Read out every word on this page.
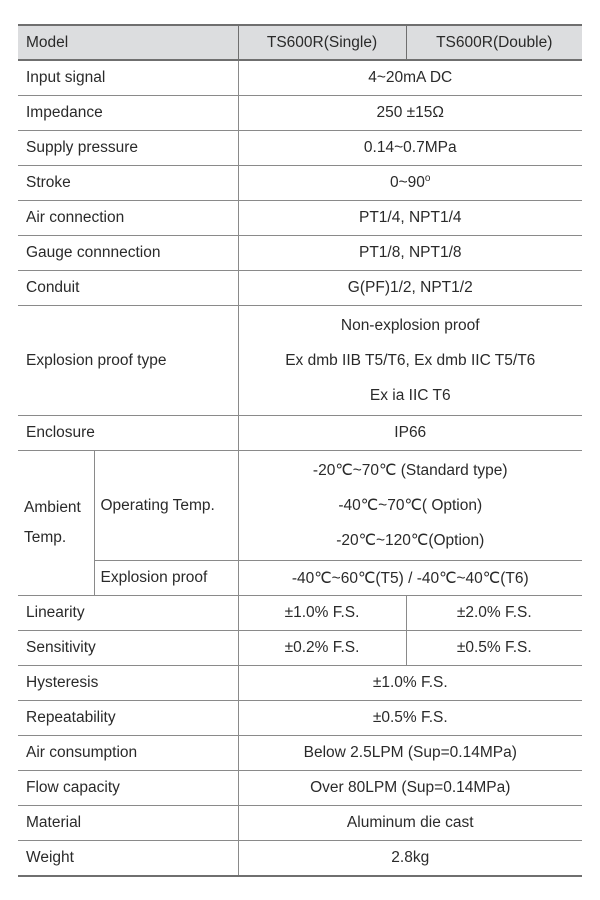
Model		TS600R(Single)	TS600R(Double)
Input signal		4~20mA DC	
Impedance		250 ±15Ω	
Supply pressure		0.14~0.7MPa	
Stroke		0~90$^o$
Air connection		PT1/4, NPT1/4	
Gauge connnection		PT1/8, NPT1/8	
Conduit		G(PF)1/2, NPT1/2	
Explosion proof type		Non-explosion proof
Ex dmb IIB T5/T6, Ex dmb IIC T5/T6
Ex ia IIC T6	

Enclosure		IP66	

Ambient
Temp.	Operating Temp.	-20℃~70℃ (Standard type)
-40℃~70℃( Option)
-20℃~120℃(Option)	

	Explosion proof	-40℃~60℃(T5) / -40℃~40℃(T6)	
Linearity		±1.0% F.S.	±2.0% F.S.
Sensitivity		±0.2% F.S.	±0.5% F.S.
Hysteresis		±1.0% F.S.	
Repeatability		±0.5% F.S.	
Air consumption		Below 2.5LPM (Sup=0.14MPa)	
Flow capacity		Over 80LPM (Sup=0.14MPa)	
Material		Aluminum die cast	
Weight		2.8kg	
